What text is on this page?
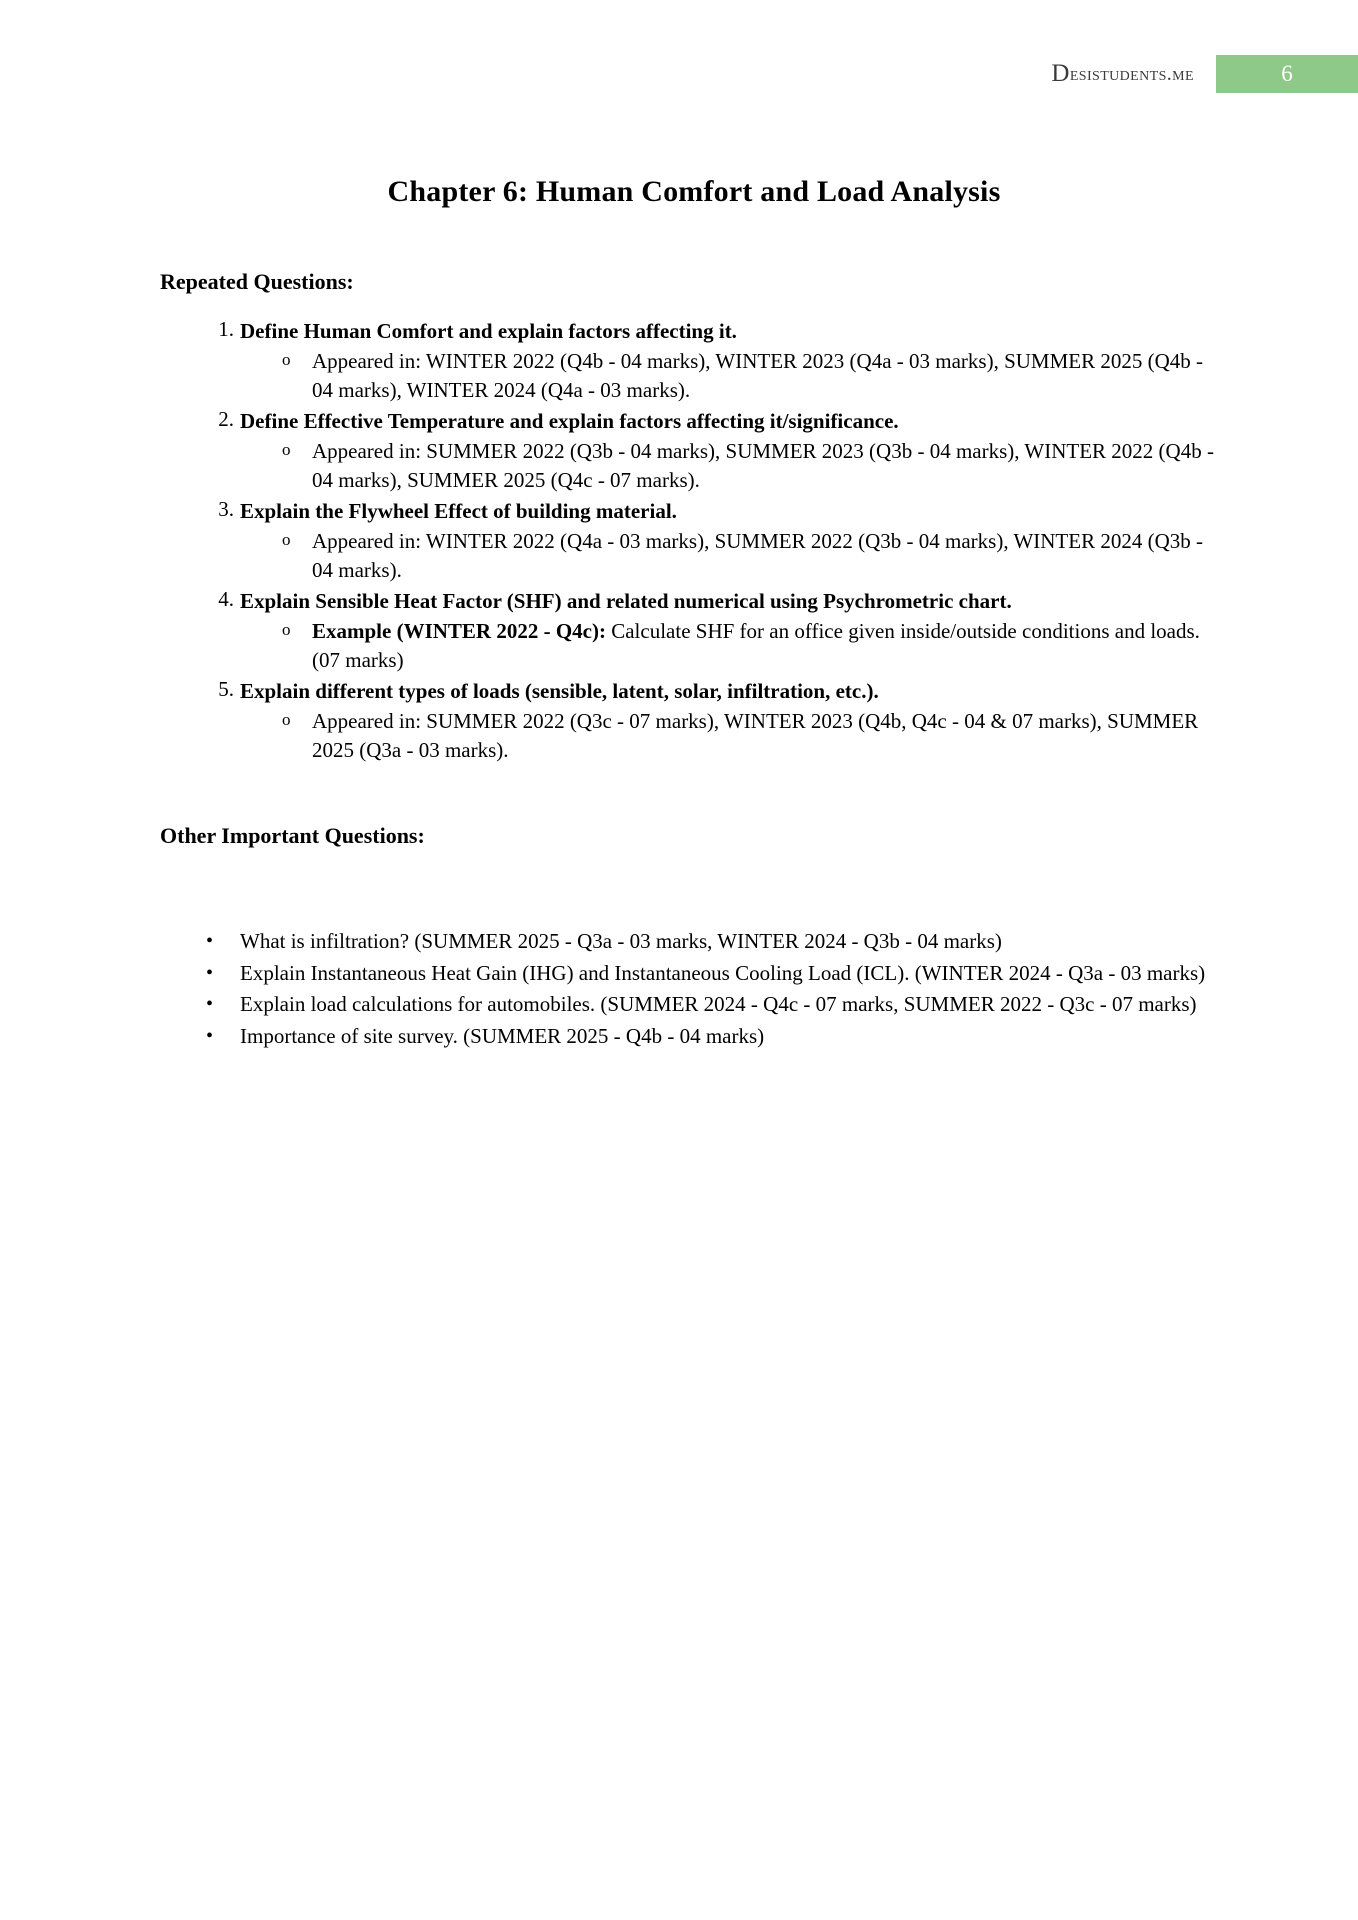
D esistudents.me	6
Chapter 6: Human Comfort and Load Analysis
Repeated Questions:
1. Define Human Comfort and explain factors affecting it.
o Appeared in: WINTER 2022 (Q4b - 04 marks), WINTER 2023 (Q4a - 03 marks), SUMMER 2025 (Q4b - 04 marks), WINTER 2024 (Q4a - 03 marks).
2. Define Effective Temperature and explain factors affecting it/significance.
o Appeared in: SUMMER 2022 (Q3b - 04 marks), SUMMER 2023 (Q3b - 04 marks), WINTER 2022 (Q4b - 04 marks), SUMMER 2025 (Q4c - 07 marks).
3. Explain the Flywheel Effect of building material.
o Appeared in: WINTER 2022 (Q4a - 03 marks), SUMMER 2022 (Q3b - 04 marks), WINTER 2024 (Q3b - 04 marks).
4. Explain Sensible Heat Factor (SHF) and related numerical using Psychrometric chart.
o Example (WINTER 2022 - Q4c): Calculate SHF for an office given inside/outside conditions and loads. (07 marks)
5. Explain different types of loads (sensible, latent, solar, infiltration, etc.).
o Appeared in: SUMMER 2022 (Q3c - 07 marks), WINTER 2023 (Q4b, Q4c - 04 & 07 marks), SUMMER 2025 (Q3a - 03 marks).
Other Important Questions:
• What is infiltration? (SUMMER 2025 - Q3a - 03 marks, WINTER 2024 - Q3b - 04 marks)
• Explain Instantaneous Heat Gain (IHG) and Instantaneous Cooling Load (ICL). (WINTER 2024 - Q3a - 03 marks)
• Explain load calculations for automobiles. (SUMMER 2024 - Q4c - 07 marks, SUMMER 2022 - Q3c - 07 marks)
• Importance of site survey. (SUMMER 2025 - Q4b - 04 marks)
